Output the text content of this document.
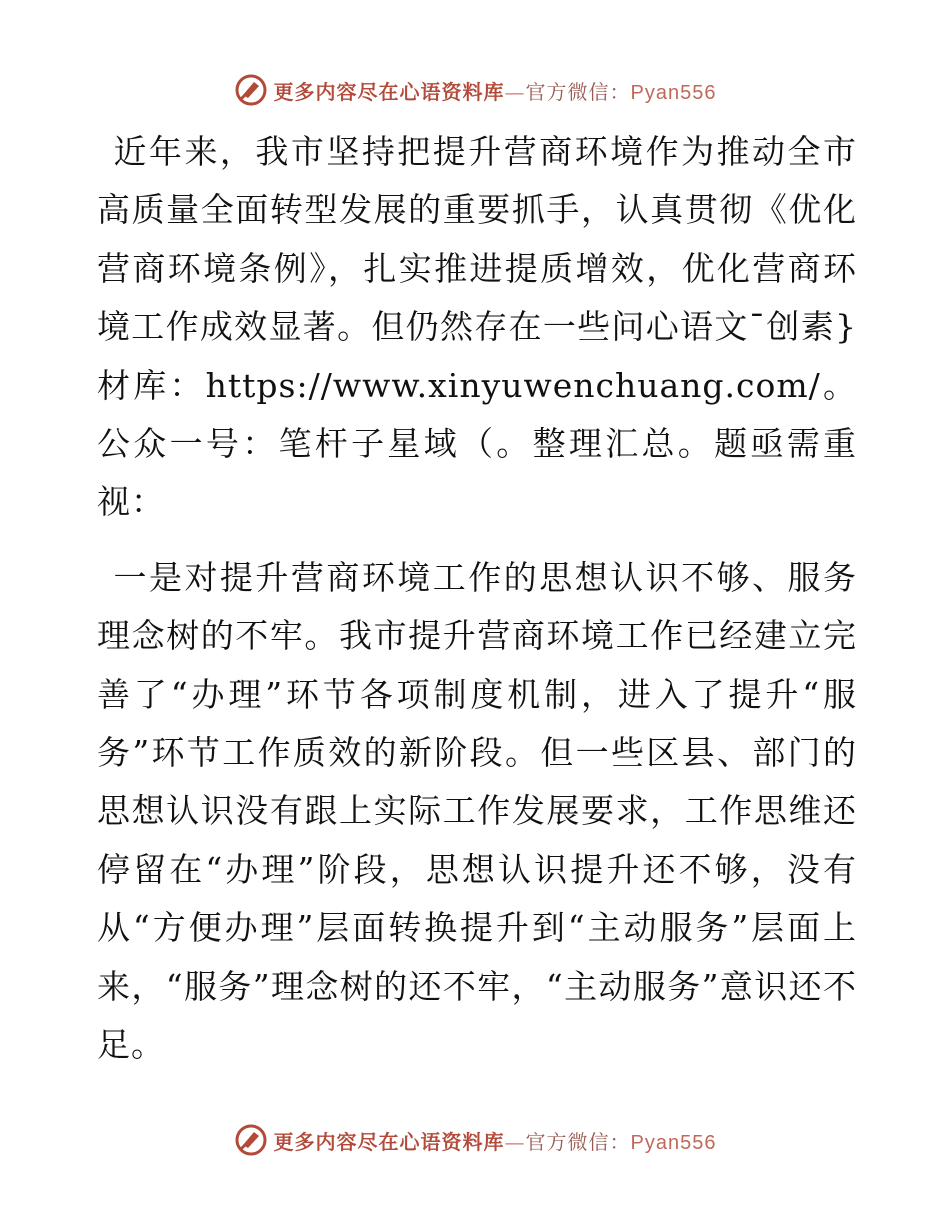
更多内容尽在心语资料库—官方微信：Pyan556

近年来，我市坚持把提升营商环境作为推动全市高质量全面转型发展的重要抓手，认真贯彻《优化营商环境条例》，扎实推进提质增效，优化营商环境工作成效显著。但仍然存在一些问心语文¯创素}材库：https://www.xinyuwenchuang.com/。公众一号：笔杆子星域（。整理汇总。题亟需重视：

一是对提升营商环境工作的思想认识不够、服务理念树的不牢。我市提升营商环境工作已经建立完善了“办理”环节各项制度机制，进入了提升“服务”环节工作质效的新阶段。但一些区县、部门的思想认识没有跟上实际工作发展要求，工作思维还停留在“办理”阶段，思想认识提升还不够，没有从“方便办理”层面转换提升到“主动服务”层面上来，“服务”理念树的还不牢，“主动服务”意识还不足。

更多内容尽在心语资料库—官方微信：Pyan556
